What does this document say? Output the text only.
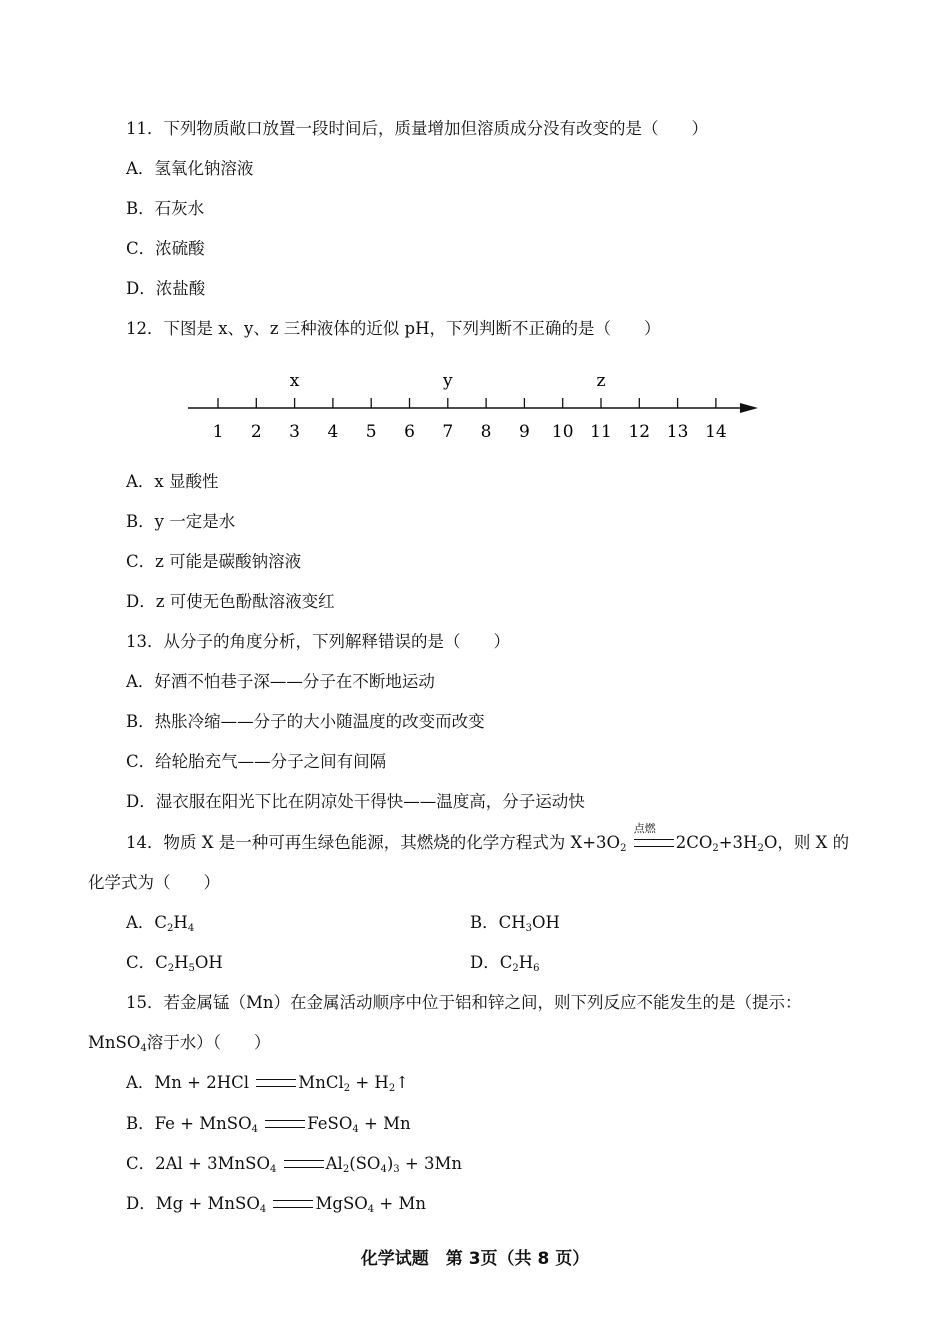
11．下列物质敞口放置一段时间后，质量增加但溶质成分没有改变的是（　　）
A．氢氧化钠溶液
B．石灰水
C．浓硫酸
D．浓盐酸
12．下图是 x、y、z 三种液体的近似 pH，下列判断不正确的是（　　）
1 2 3 4 5 6 7 8 9 10 11 12 13 14
x	y	z
A．x 显酸性
B．y 一定是水
C．z 可能是碳酸钠溶液
D．z 可使无色酚酞溶液变红
13．从分子的角度分析，下列解释错误的是（　　）
A．好酒不怕巷子深——分子在不断地运动
B．热胀冷缩——分子的大小随温度的改变而改变
C．给轮胎充气——分子之间有间隔
D．湿衣服在阳光下比在阴凉处干得快——温度高，分子运动快
14．物质 X 是一种可再生绿色能源，其燃烧的化学方程式为 $X+3O_2$
点燃
$2CO_2+3H_2O$，则 X 的
化学式为（　　）
A．$C_2H_4$	B．$CH_3OH$
C．$C_2H_5OH$	D．$C_2H_6$
15．若金属锰（Mn）在金属活动顺序中位于铝和锌之间，则下列反应不能发生的是（提示：
MnSO$_4$溶于水）（　　）
A．Mn + 2HCl	MnCl$_2$ + $H_2↑$
B．Fe + MnSO$_4$	FeSO$_4$ + Mn
C．2Al + 3MnSO$_4$	$Al_2(SO_4)_3 + 3Mn$
D．Mg + MnSO$_4$	MgSO$_4$ + Mn
化学试题　第 3页（共 8 页）
